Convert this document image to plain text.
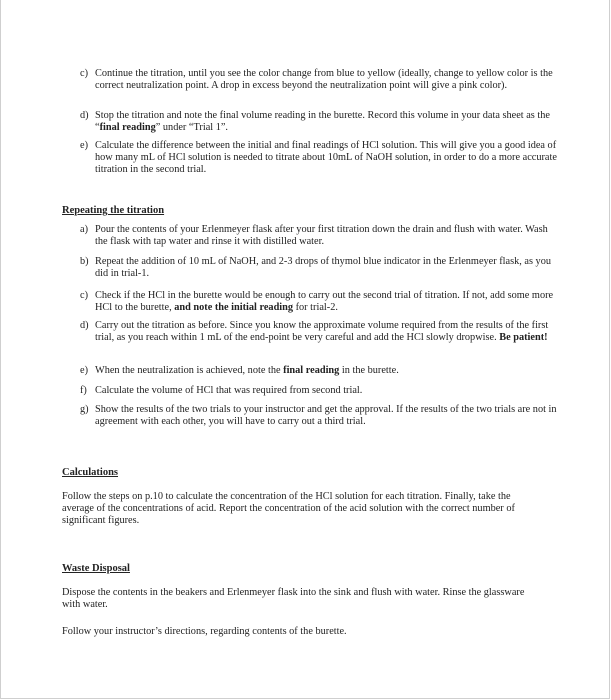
c) Continue the titration, until you see the color change from blue to yellow (ideally, change to yellow color is the correct neutralization point. A drop in excess beyond the neutralization point will give a pink color).
d) Stop the titration and note the final volume reading in the burette. Record this volume in your data sheet as the “final reading” under “Trial 1”.
e) Calculate the difference between the initial and final readings of HCl solution. This will give you a good idea of how many mL of HCl solution is needed to titrate about 10mL of NaOH solution, in order to do a more accurate titration in the second trial.
Repeating the titration
a) Pour the contents of your Erlenmeyer flask after your first titration down the drain and flush with water. Wash the flask with tap water and rinse it with distilled water.
b) Repeat the addition of 10 mL of NaOH, and 2-3 drops of thymol blue indicator in the Erlenmeyer flask, as you did in trial-1.
c) Check if the HCl in the burette would be enough to carry out the second trial of titration. If not, add some more HCl to the burette, and note the initial reading for trial-2.
d) Carry out the titration as before. Since you know the approximate volume required from the results of the first trial, as you reach within 1 mL of the end-point be very careful and add the HCl slowly dropwise. Be patient!
e) When the neutralization is achieved, note the final reading in the burette.
f) Calculate the volume of HCl that was required from second trial.
g) Show the results of the two trials to your instructor and get the approval. If the results of the two trials are not in agreement with each other, you will have to carry out a third trial.
Calculations
Follow the steps on p.10 to calculate the concentration of the HCl solution for each titration. Finally, take the average of the concentrations of acid. Report the concentration of the acid solution with the correct number of significant figures.
Waste Disposal
Dispose the contents in the beakers and Erlenmeyer flask into the sink and flush with water. Rinse the glassware with water.
Follow your instructor’s directions, regarding contents of the burette.
